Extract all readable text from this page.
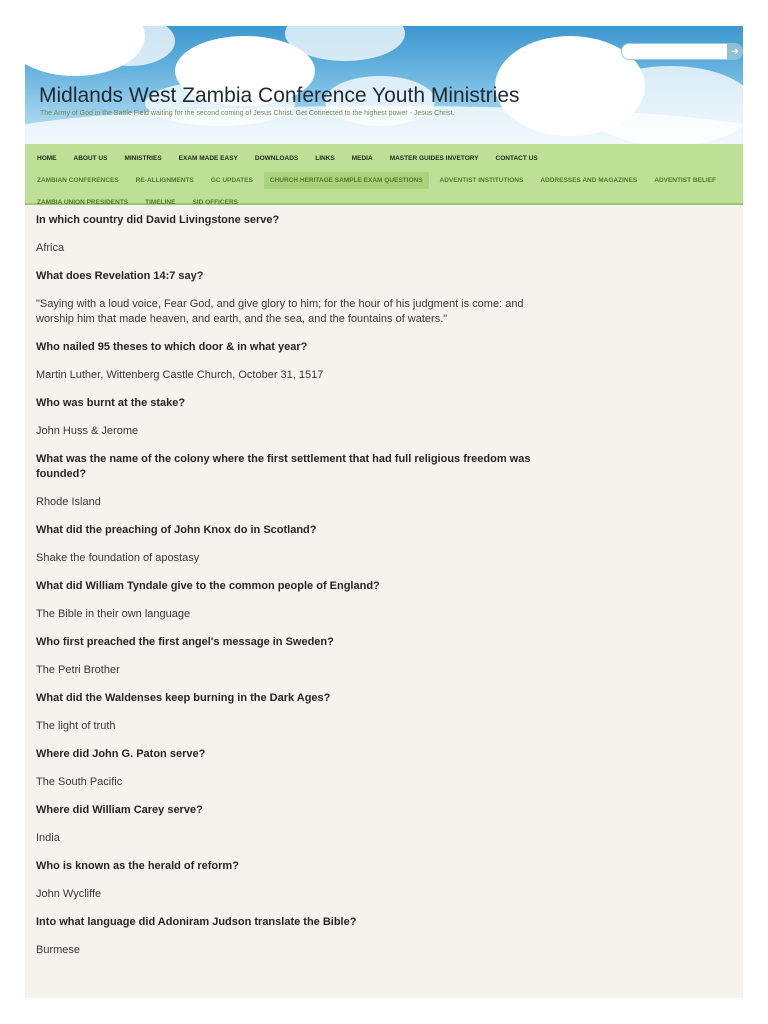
Midlands West Zambia Conference Youth Ministries
The Army of God in the Battle Field waiting for the second coming of Jesus Christ. Get Connected to the highest power - Jesus Christ.
➔
HOME	ABOUT US	MINISTRIES	EXAM MADE EASY	DOWNLOADS	LINKS	MEDIA	MASTER GUIDES INVETORY	CONTACT US
ZAMBIAN CONFERENCES	RE-ALLIGNMENTS	GC UPDATES	CHURCH HERITAGE SAMPLE EXAM QUESTIONS	ADVENTIST INSTITUTIONS	ADDRESSES AND MAGAZINES	ADVENTIST BELIEF
ZAMBIA UNION PRESIDENTS	TIMELINE	SID OFFICERS

In which country did David Livingstone serve?

Africa

What does Revelation 14:7 say?

"Saying with a loud voice, Fear God, and give glory to him; for the hour of his judgment is come: and worship him that made heaven, and earth, and the sea, and the fountains of waters."

Who nailed 95 theses to which door & in what year?

Martin Luther, Wittenberg Castle Church, October 31, 1517

Who was burnt at the stake?

John Huss & Jerome

What was the name of the colony where the first settlement that had full religious freedom was founded?

Rhode Island

What did the preaching of John Knox do in Scotland?

Shake the foundation of apostasy

What did William Tyndale give to the common people of England?

The Bible in their own language

Who first preached the first angel's message in Sweden?

The Petri Brother

What did the Waldenses keep burning in the Dark Ages?

The light of truth

Where did John G. Paton serve?

The South Pacific

Where did William Carey serve?

India

Who is known as the herald of reform?

John Wycliffe

Into what language did Adoniram Judson translate the Bible?

Burmese
